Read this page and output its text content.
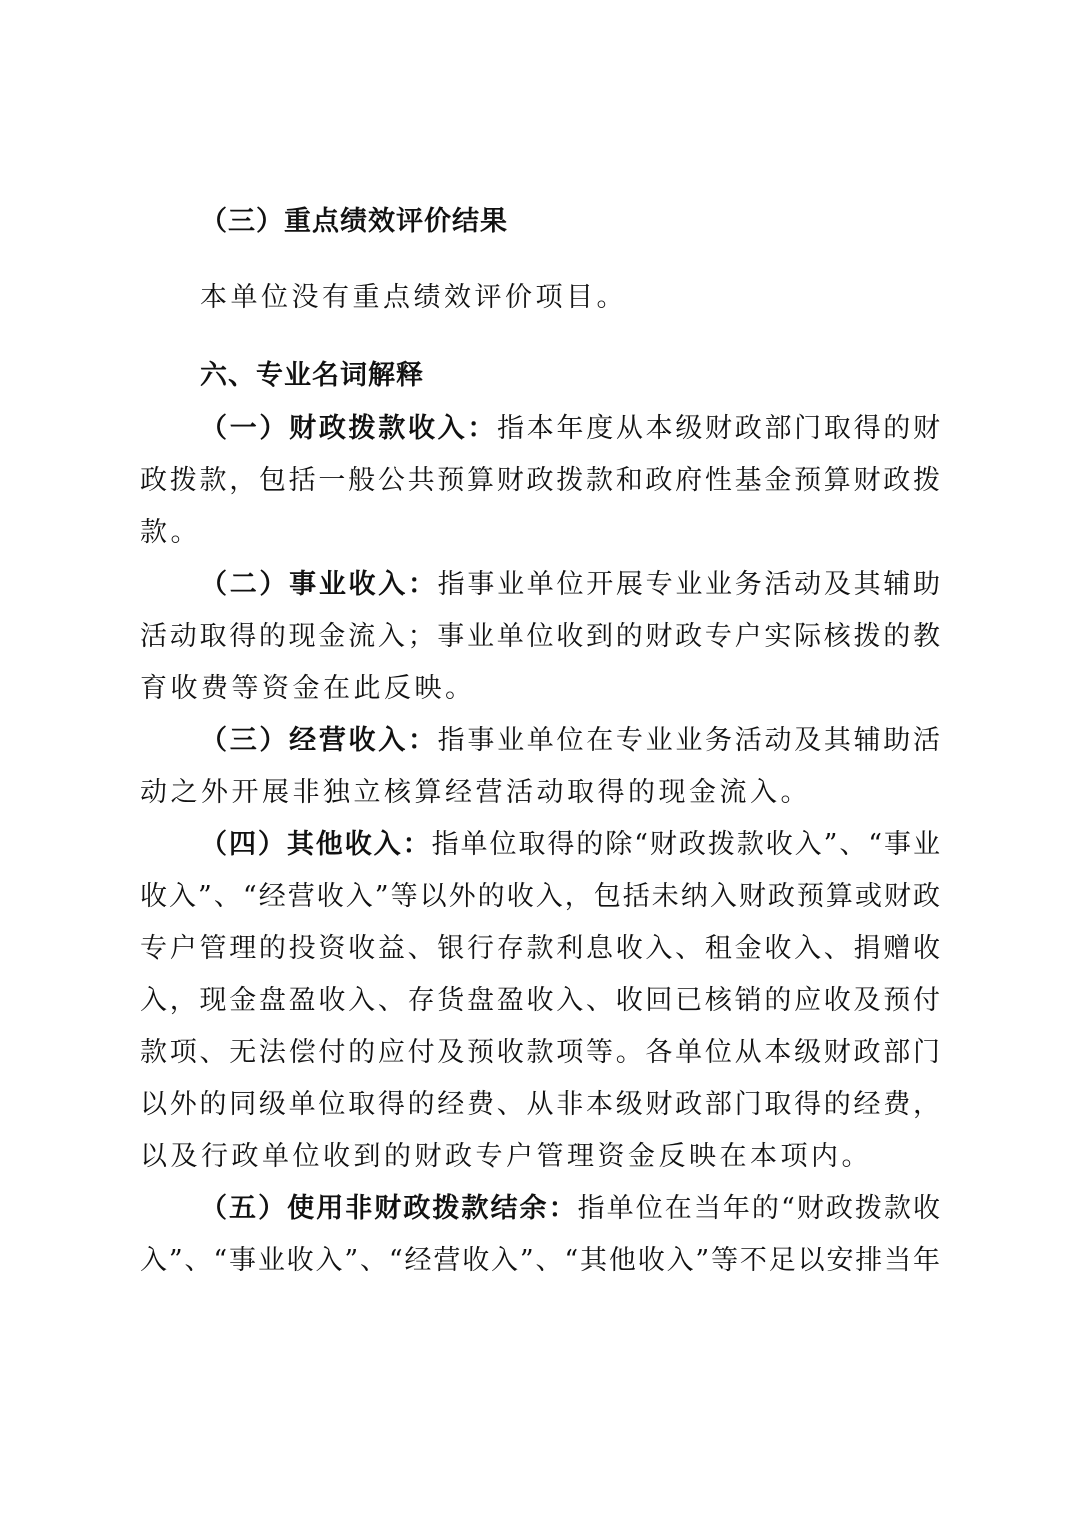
（三）重点绩效评价结果
本单位没有重点绩效评价项目。
六、专业名词解释
（一）财政拨款收入：指本年度从本级财政部门取得的财
政拨款，包括一般公共预算财政拨款和政府性基金预算财政拨
款。
（二）事业收入：指事业单位开展专业业务活动及其辅助
活动取得的现金流入；事业单位收到的财政专户实际核拨的教
育收费等资金在此反映。
（三）经营收入：指事业单位在专业业务活动及其辅助活
动之外开展非独立核算经营活动取得的现金流入。
（四）其他收入：指单位取得的除“财政拨款收入”、“事业
收入”、“经营收入”等以外的收入，包括未纳入财政预算或财政
专户管理的投资收益、银行存款利息收入、租金收入、捐赠收
入，现金盘盈收入、存货盘盈收入、收回已核销的应收及预付
款项、无法偿付的应付及预收款项等。各单位从本级财政部门
以外的同级单位取得的经费、从非本级财政部门取得的经费，
以及行政单位收到的财政专户管理资金反映在本项内。
（五）使用非财政拨款结余：指单位在当年的“财政拨款收
入”、“事业收入”、“经营收入”、“其他收入”等不足以安排当年
